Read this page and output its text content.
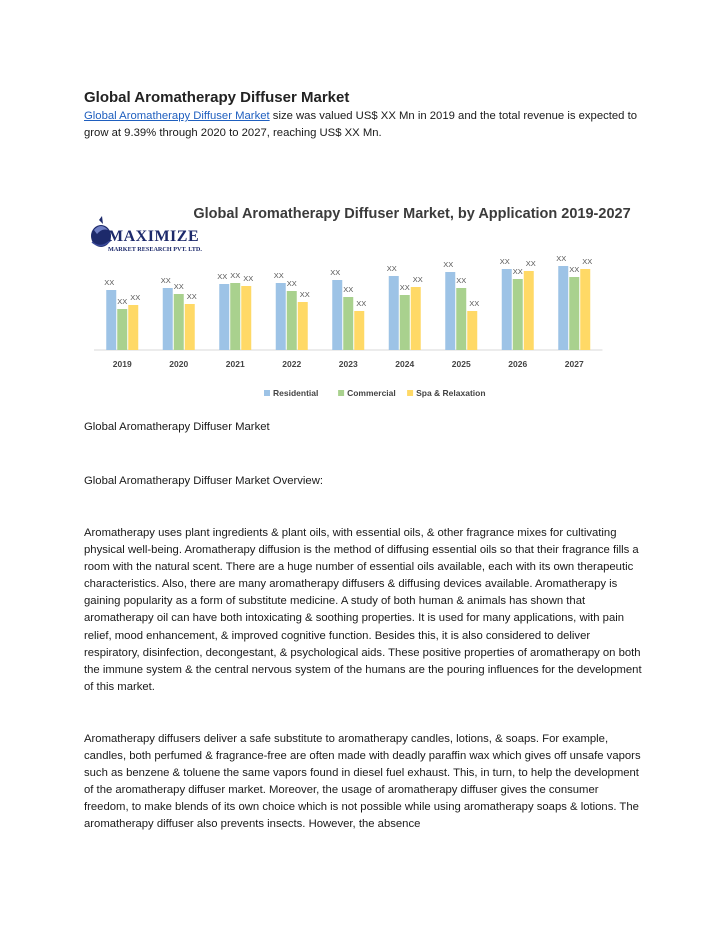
Global Aromatherapy Diffuser Market

Global Aromatherapy Diffuser Market size was valued US$ XX Mn in 2019 and the total revenue is expected to grow at 9.39% through 2020 to 2027, reaching US$ XX Mn.

MAXIMIZE
MARKET RESEARCH PVT. LTD.
Global Aromatherapy Diffuser Market, by Application 2019-2027
XX
XX XX
2019
XX
XX
XX
2020
XX XX XX
2021
XX
XX
XX
2022
XX
XX
XX
2023
XX
XX
XX
2024
XX
XX
XX
2025
XX
XX
XX
2026
XX
XX
XX
2027
Residential	Commercial Spa & Relaxation

Global Aromatherapy Diffuser Market

Global Aromatherapy Diffuser Market Overview:

Aromatherapy uses plant ingredients & plant oils, with essential oils, & other fragrance mixes for cultivating physical well-being. Aromatherapy diffusion is the method of diffusing essential oils so that their fragrance fills a room with the natural scent. There are a huge number of essential oils available, each with its own therapeutic characteristics. Also, there are many aromatherapy diffusers & diffusing devices available. Aromatherapy is gaining popularity as a form of substitute medicine. A study of both human & animals has shown that aromatherapy oil can have both intoxicating & soothing properties. It is used for many applications, with pain relief, mood enhancement, & improved cognitive function. Besides this, it is also considered to deliver respiratory, disinfection, decongestant, & psychological aids. These positive properties of aromatherapy on both the immune system & the central nervous system of the humans are the pouring influences for the development of this market.

Aromatherapy diffusers deliver a safe substitute to aromatherapy candles, lotions, & soaps. For example, candles, both perfumed & fragrance-free are often made with deadly paraffin wax which gives off unsafe vapors such as benzene & toluene the same vapors found in diesel fuel exhaust. This, in turn, to help the development of the aromatherapy diffuser market. Moreover, the usage of aromatherapy diffuser gives the consumer freedom, to make blends of its own choice which is not possible while using aromatherapy soaps & lotions. The aromatherapy diffuser also prevents insects. However, the absence
